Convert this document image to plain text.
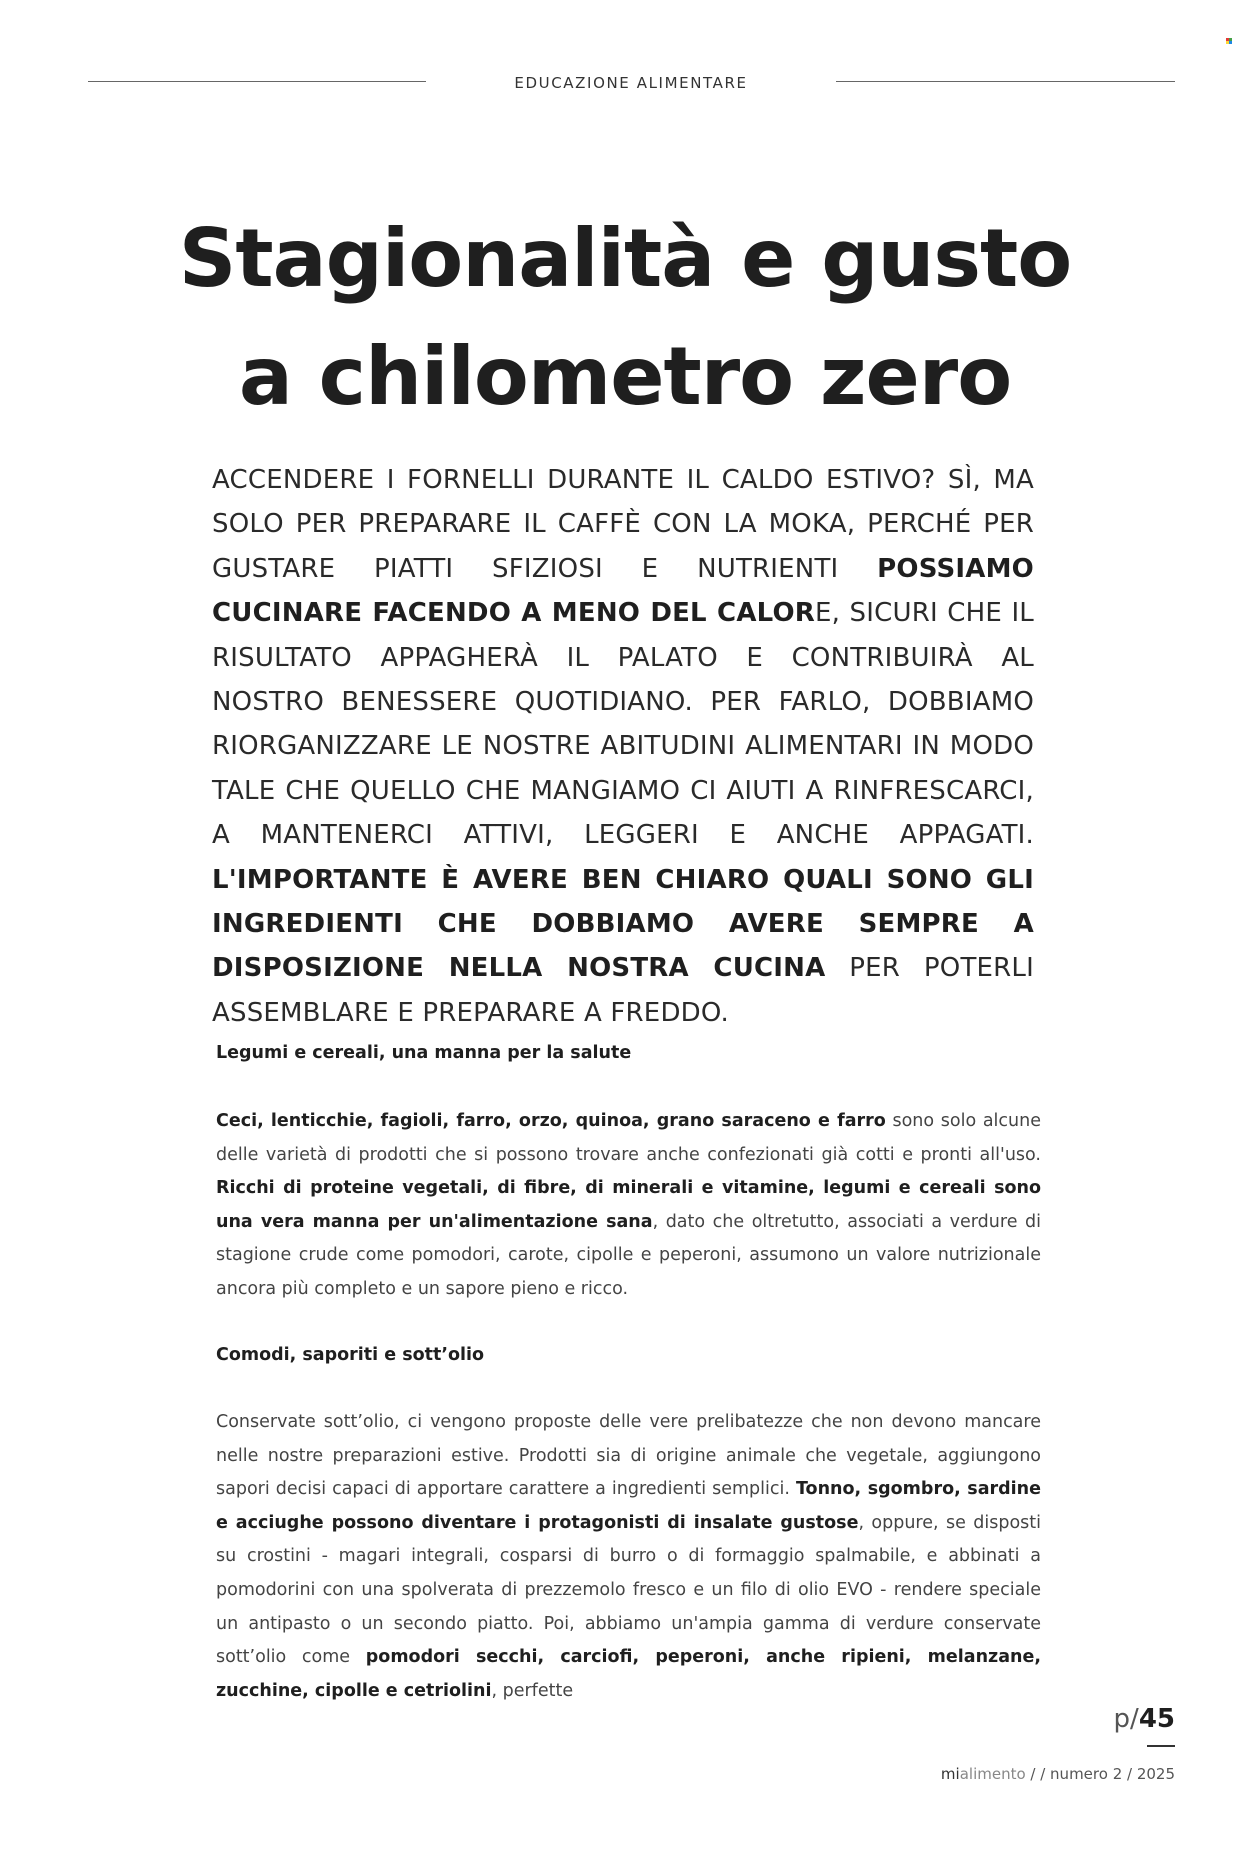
EDUCAZIONE ALIMENTARE
Stagionalità e gusto
a chilometro zero

ACCENDERE I FORNELLI DURANTE IL CALDO ESTIVO? SÌ, MA SOLO PER PREPARARE IL CAFFÈ CON LA MOKA, PERCHÉ PER GUSTARE PIATTI SFIZIOSI E NUTRIENTI POSSIAMO CUCINARE FACENDO A MENO DEL CALORE, SICURI CHE IL RISULTATO APPAGHERÀ IL PALATO E CONTRIBUIRÀ AL NOSTRO BENESSERE QUOTIDIANO. PER FARLO, DOBBIAMO RIORGANIZZARE LE NOSTRE ABITUDINI ALIMENTARI IN MODO TALE CHE QUELLO CHE MANGIAMO CI AIUTI A RINFRESCARCI, A MANTENERCI ATTIVI, LEGGERI E ANCHE APPAGATI. L'IMPORTANTE È AVERE BEN CHIARO QUALI SONO GLI INGREDIENTI CHE DOBBIAMO AVERE SEMPRE A DISPOSIZIONE NELLA NOSTRA CUCINA PER POTERLI ASSEMBLARE E PREPARARE A FREDDO.

Legumi e cereali, una manna per la salute

Ceci, lenticchie, fagioli, farro, orzo, quinoa, grano saraceno e farro sono solo alcune delle varietà di prodotti che si possono trovare anche confezionati già cotti e pronti all'uso. Ricchi di proteine vegetali, di fibre, di minerali e vitamine, legumi e cereali sono una vera manna per un'alimentazione sana, dato che oltretutto, associati a verdure di stagione crude come pomodori, carote, cipolle e peperoni, assumono un valore nutrizionale ancora più completo e un sapore pieno e ricco.

Comodi, saporiti e sott’olio

Conservate sott’olio, ci vengono proposte delle vere prelibatezze che non devono mancare nelle nostre preparazioni estive. Prodotti sia di origine animale che vegetale, aggiungono sapori decisi capaci di apportare carattere a ingredienti semplici. Tonno, sgombro, sardine e acciughe possono diventare i protagonisti di insalate gustose, oppure, se disposti su crostini - magari integrali, cosparsi di burro o di formaggio spalmabile, e abbinati a pomodorini con una spolverata di prezzemolo fresco e un filo di olio EVO - rendere speciale un antipasto o un secondo piatto. Poi, abbiamo un'ampia gamma di verdure conservate sott’olio come pomodori secchi, carciofi, peperoni, anche ripieni, melanzane, zucchine, cipolle e cetriolini, perfette

p/45
mialimento / / numero 2 / 2025
